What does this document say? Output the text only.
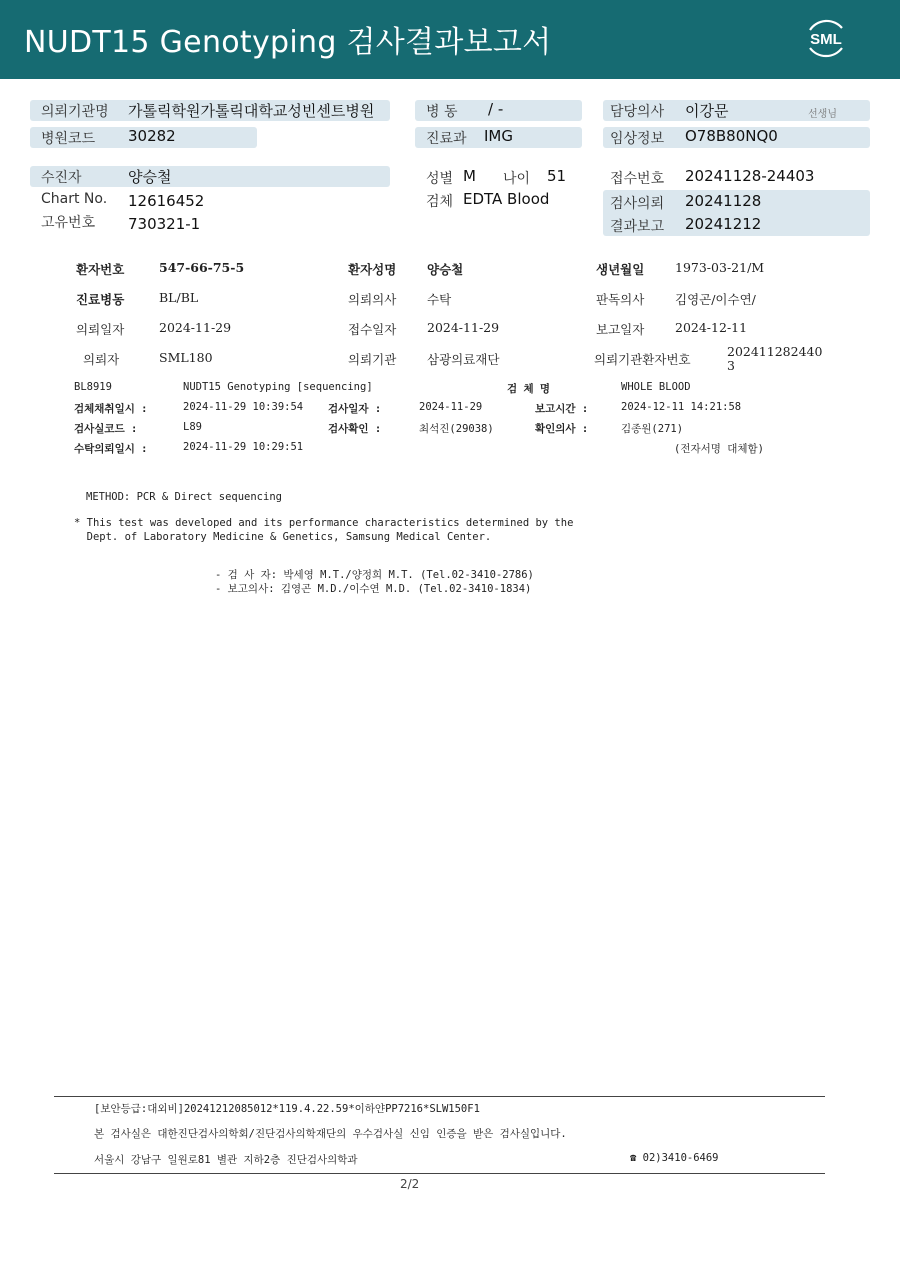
NUDT15 Genotyping 검사결과보고서	SML
의뢰기관명 가톨릭학원가톨릭대학교성빈센트병원
병원코드 30282
병 동 / -
진료과 IMG
담당의사 이강문	선생님
임상정보 O78B80NQ0
수진자	양승철
Chart No. 12616452
고유번호 730321-1
성별 M 나이 51
검체 EDTA Blood
접수번호 20241128-24403
검사의뢰 20241128
결과보고 20241212
환자번호	547-66-75-5	환자성명 양승철	생년월일 1973-03-21/M
진료병동	BL/BL	의뢰의사 수탁	판독의사 김영곤/이수연/
의뢰일자	2024-11-29	접수일자 2024-11-29	보고일자 2024-12-11
의뢰자	SML180	의뢰기관 삼광의료재단	의뢰기관환자번호
202411282440
3
BL8919	NUDT15 Genotyping [sequencing]	검 체 명	WHOLE BLOOD
검체채취일시 :	2024-11-29 10:39:54 검사일자 :	2024-11-29	보고시간 :	2024-12-11 14:21:58
검사실코드 :	L89	검사확인 :	최석진(29038)	확인의사 :	김종원(271)
수탁의뢰일시 :	2024-11-29 10:29:51	(전자서명 대체함)
METHOD: PCR & Direct sequencing
* This test was developed and its performance characteristics determined by the
Dept. of Laboratory Medicine & Genetics, Samsung Medical Center.
- 검 사 자: 박세영 M.T./양정희 M.T. (Tel.02-3410-2786)
- 보고의사: 김영곤 M.D./이수연 M.D. (Tel.02-3410-1834)
[보안등급:대외비]20241212085012*119.4.22.59*이하얀PP7216*SLW150F1
본 검사실은 대한진단검사의학회/진단검사의학재단의 우수검사실 신임 인증을 받은 검사실입니다.
서울시 강남구 일원로81 별관 지하2층 진단검사의학과	☎ 02)3410-6469
2/2
